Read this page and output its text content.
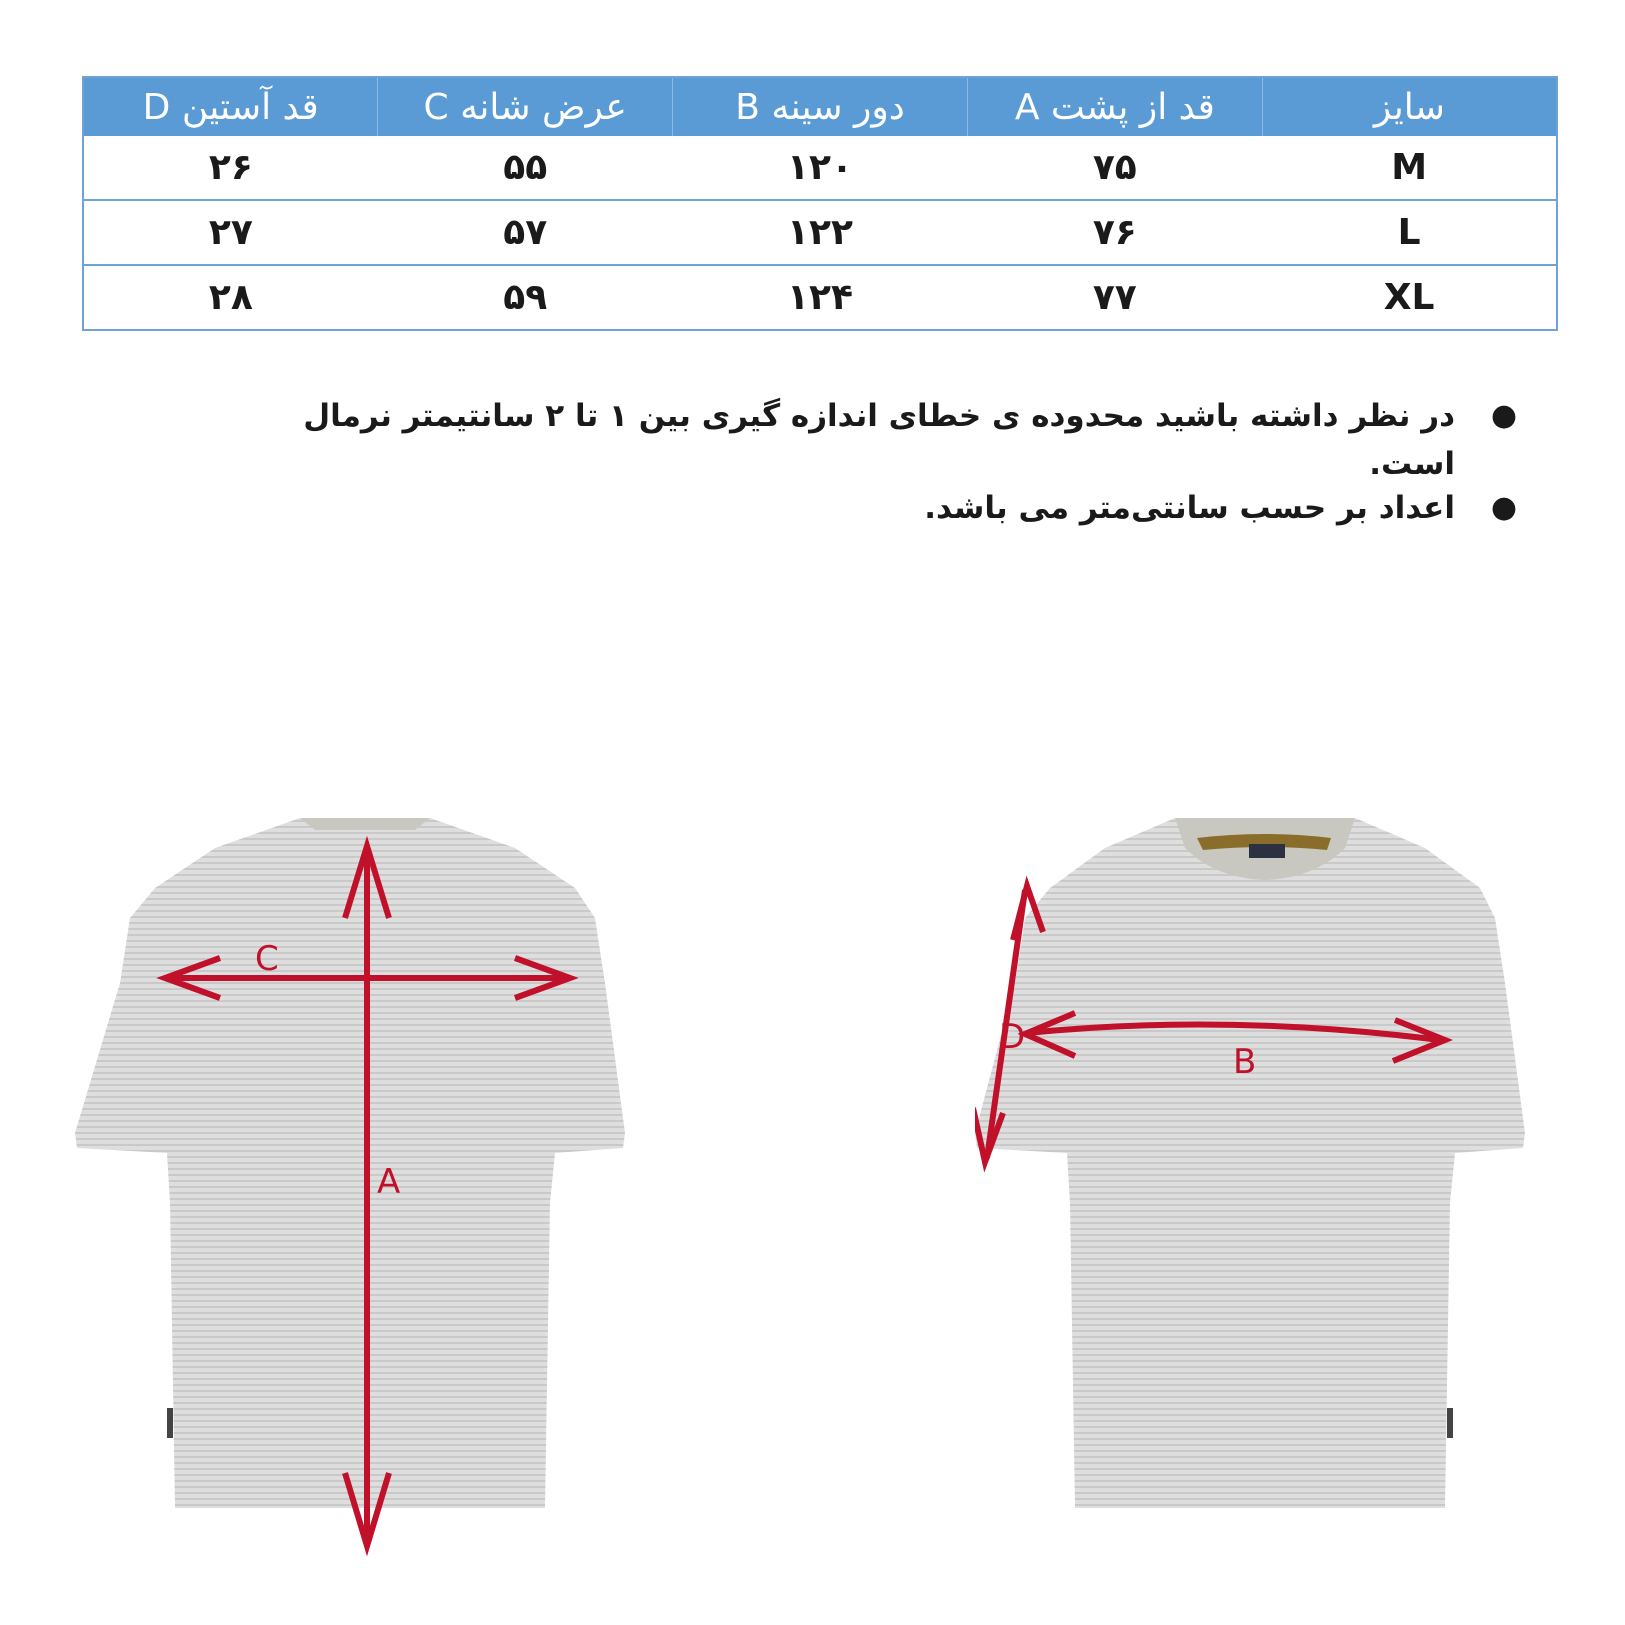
سایز	قد از پشت A	دور سینه B	عرض شانه C	قد آستین D
M	۷۵	۱۲۰	۵۵	۲۶
L	۷۶	۱۲۲	۵۷	۲۷
XL	۷۷	۱۲۴	۵۹	۲۸
●
در نظر داشته باشید محدوده ی خطای اندازه گیری بین ۱ تا ۲ سانتیمتر نرمال است.
●
اعداد بر حسب سانتی‌متر می باشد.
C
A
D
B
